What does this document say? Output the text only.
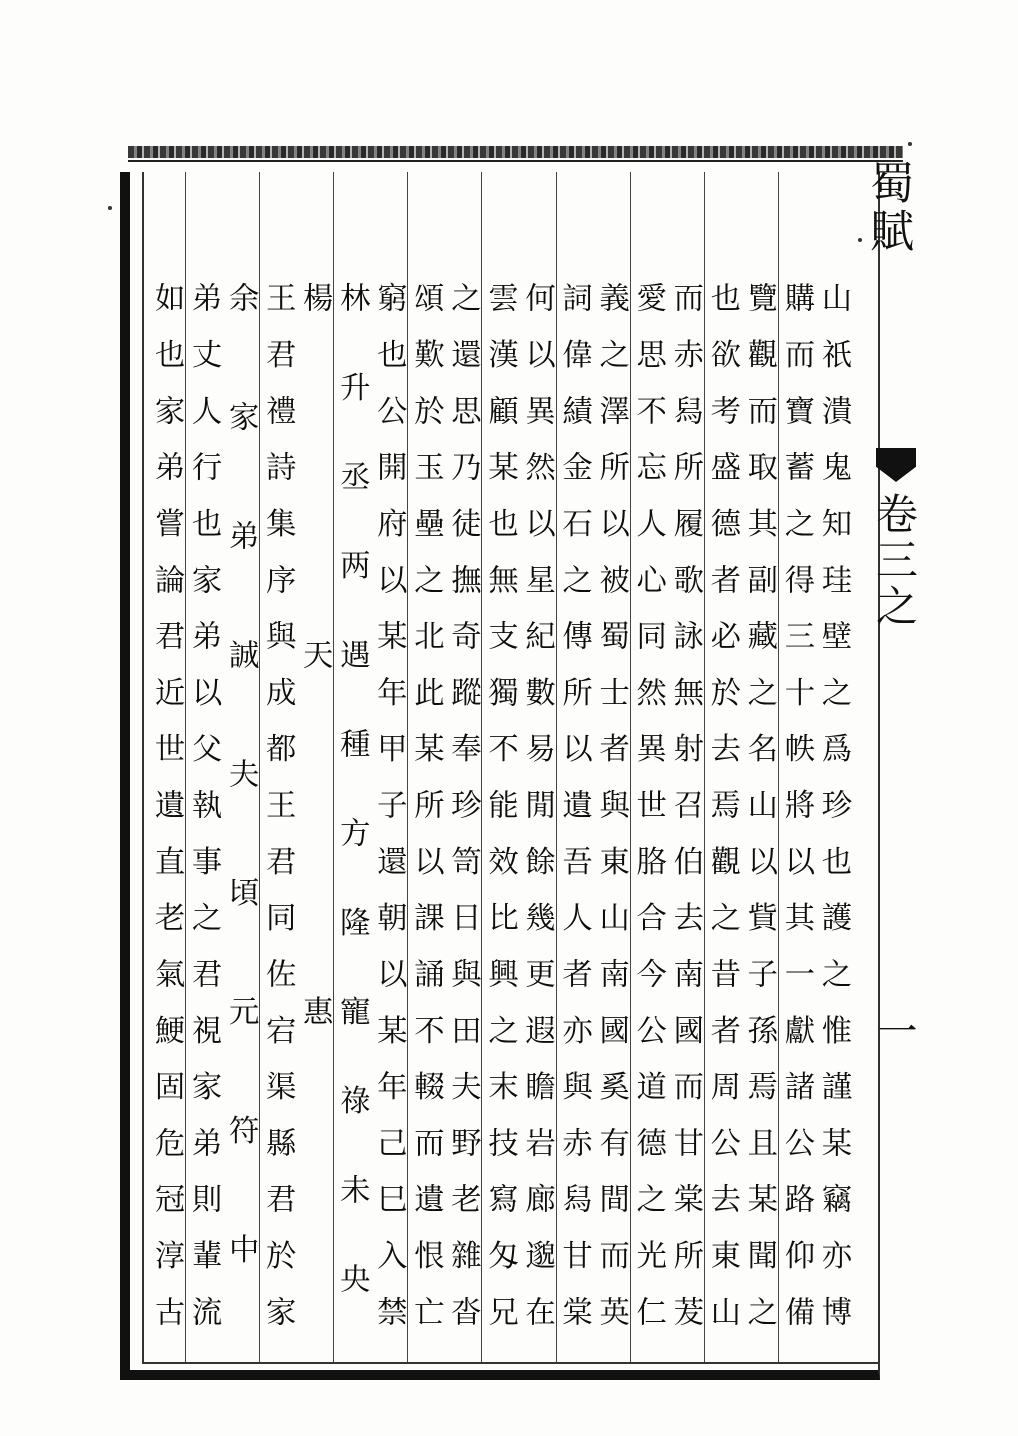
蜀賦
卷三之
一
山祇潰鬼知珪壁之爲珍也護之惟謹某竊亦博
購而寶蓄之得三十帙將以其一獻諸公路仰備
覽觀而取其副藏之名山以貲子孫焉且某聞之
也欲考盛德者必於去焉觀之昔者周公去東山
而赤舄所履歌詠無射召伯去南國而甘棠所茇
愛思不忘人心同然異世胳合今公道德之光仁
義之澤所以被蜀士者與東山南國奚有間而英
詞偉績金石之傳所以遺吾人者亦與赤舄甘棠
何以異然以星紀數易閒餘幾更遐瞻岩廊邈在
雲漢顧某也無支獨不能效比興之末技寫匁兄
之還思乃徒撫奇蹤奉珍笥日與田夫野老雜沓
頌歎於玉壘之北此某所以課誦不輟而遺恨亡
窮也公開府以某年甲子還朝以某年己巳入禁
林升丞两遇種方隆寵祿未央
楊天惠
王君禮詩集序與成都王君同佐宕渠縣君於家
余家弟誠夫頃元符中
弟丈人行也家弟以父執事之君視家弟則輩流
如也家弟嘗論君近世遺直老氣鯁固危冠淳古
